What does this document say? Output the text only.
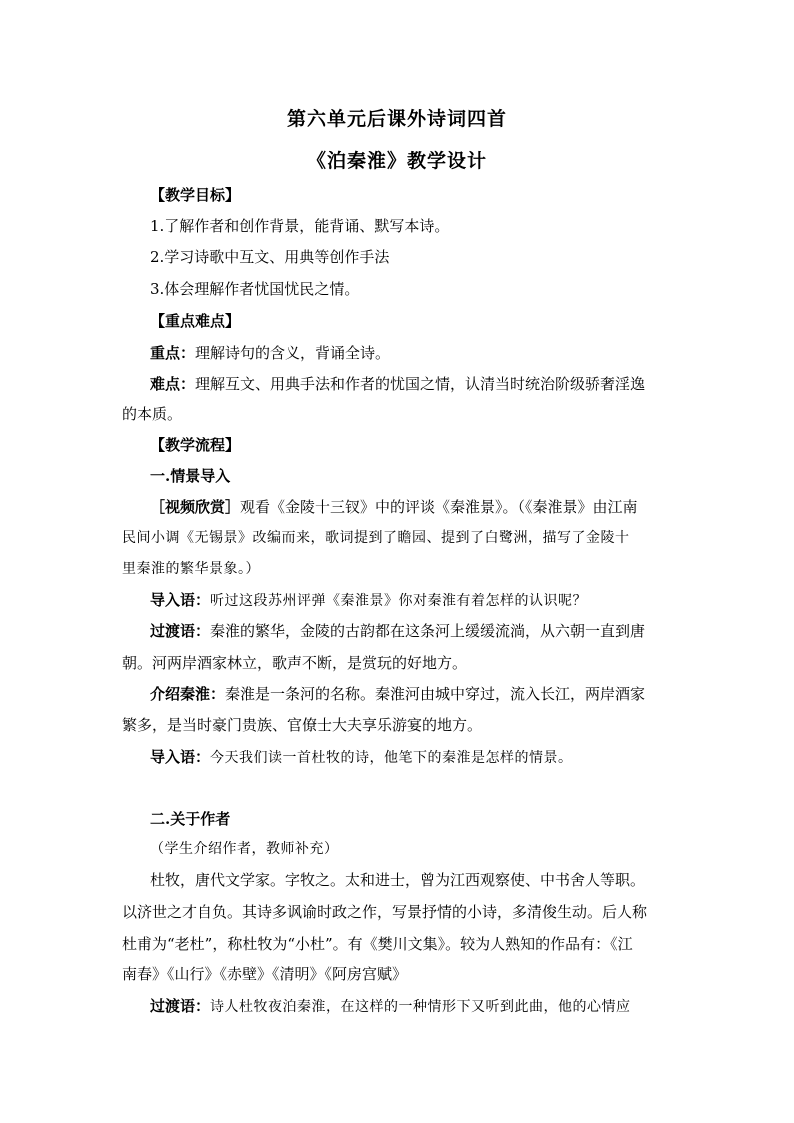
第六单元后课外诗词四首
《泊秦淮》教学设计
【教学目标】
1.了解作者和创作背景，能背诵、默写本诗。
2.学习诗歌中互文、用典等创作手法
3.体会理解作者忧国忧民之情。
【重点难点】
重点：理解诗句的含义，背诵全诗。
难点：理解互文、用典手法和作者的忧国之情，认清当时统治阶级骄奢淫逸
的本质。
【教学流程】
一.情景导入
［视频欣赏］观看《金陵十三钗》中的评谈《秦淮景》。（《秦淮景》由江南
民间小调《无锡景》改编而来，歌词提到了瞻园、提到了白鹭洲，描写了金陵十
里秦淮的繁华景象。）
导入语：听过这段苏州评弹《秦淮景》你对秦淮有着怎样的认识呢？
过渡语：秦淮的繁华，金陵的古韵都在这条河上缓缓流淌，从六朝一直到唐
朝。河两岸酒家林立，歌声不断，是赏玩的好地方。
介绍秦淮：秦淮是一条河的名称。秦淮河由城中穿过，流入长江，两岸酒家
繁多，是当时豪门贵族、官僚士大夫享乐游宴的地方。
导入语：今天我们读一首杜牧的诗，他笔下的秦淮是怎样的情景。
二.关于作者
（学生介绍作者，教师补充）
杜牧，唐代文学家。字牧之。太和进士，曾为江西观察使、中书舍人等职。
以济世之才自负。其诗多讽谕时政之作，写景抒情的小诗，多清俊生动。后人称
杜甫为“老杜”，称杜牧为“小杜”。有《樊川文集》。较为人熟知的作品有：《江
南春》《山行》《赤壁》《清明》《阿房宫赋》
过渡语：诗人杜牧夜泊秦淮，在这样的一种情形下又听到此曲，他的心情应
